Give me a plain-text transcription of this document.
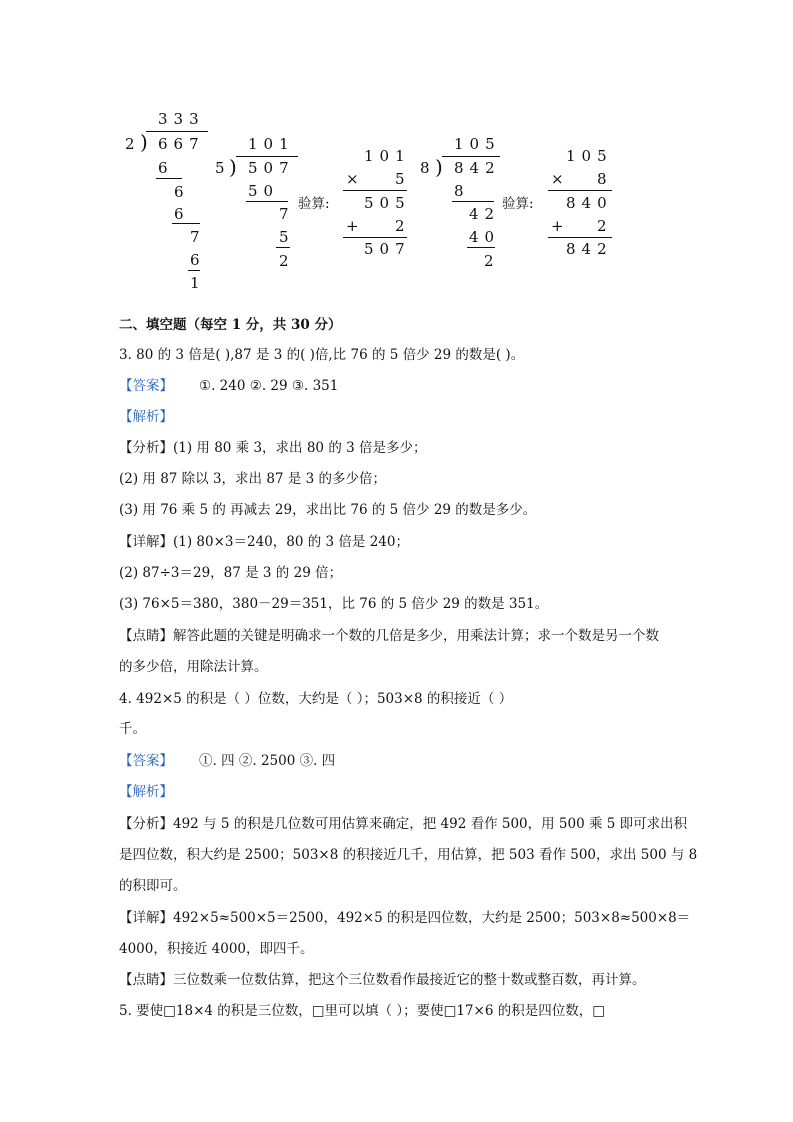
333
2 ) 667
6
6
6
7
6
1
101
5
) 507
50
7
5
2
验算:
101
× 5
505
+ 2
507
105
8 ) 842
8
42
40
2
验算:
105
× 8
840
+ 2
842
二、填空题（每空 1 分，共 30 分）
3. 80 的 3 倍是( ),87 是 3 的( )倍,比 76 的 5 倍少 29 的数是( )。
【答案】 ①. 240 ②. 29 ③. 351
【解析】
【分析】(1) 用 80 乘 3，求出 80 的 3 倍是多少；
(2) 用 87 除以 3，求出 87 是 3 的多少倍；
(3) 用 76 乘 5 的 再减去 29，求出比 76 的 5 倍少 29 的数是多少。
【详解】(1) 80×3＝240，80 的 3 倍是 240；
(2) 87÷3＝29，87 是 3 的 29 倍；
(3) 76×5＝380，380－29＝351，比 76 的 5 倍少 29 的数是 351。
【点睛】解答此题的关键是明确求一个数的几倍是多少，用乘法计算；求一个数是另一个数
的多少倍，用除法计算。
4. 492×5 的积是（ ）位数，大约是（ ）；503×8 的积接近（ ）
千。
【答案】 ①. 四 ②. 2500 ③. 四
【解析】
【分析】492 与 5 的积是几位数可用估算来确定，把 492 看作 500，用 500 乘 5 即可求出积
是四位数，积大约是 2500；503×8 的积接近几千，用估算，把 503 看作 500，求出 500 与 8
的积即可。
【详解】492×5≈500×5＝2500，492×5 的积是四位数，大约是 2500；503×8≈500×8＝
4000，积接近 4000，即四千。
【点睛】三位数乘一位数估算，把这个三位数看作最接近它的整十数或整百数，再计算。
5. 要使□18×4 的积是三位数，□里可以填（ ）；要使□17×6 的积是四位数，□
